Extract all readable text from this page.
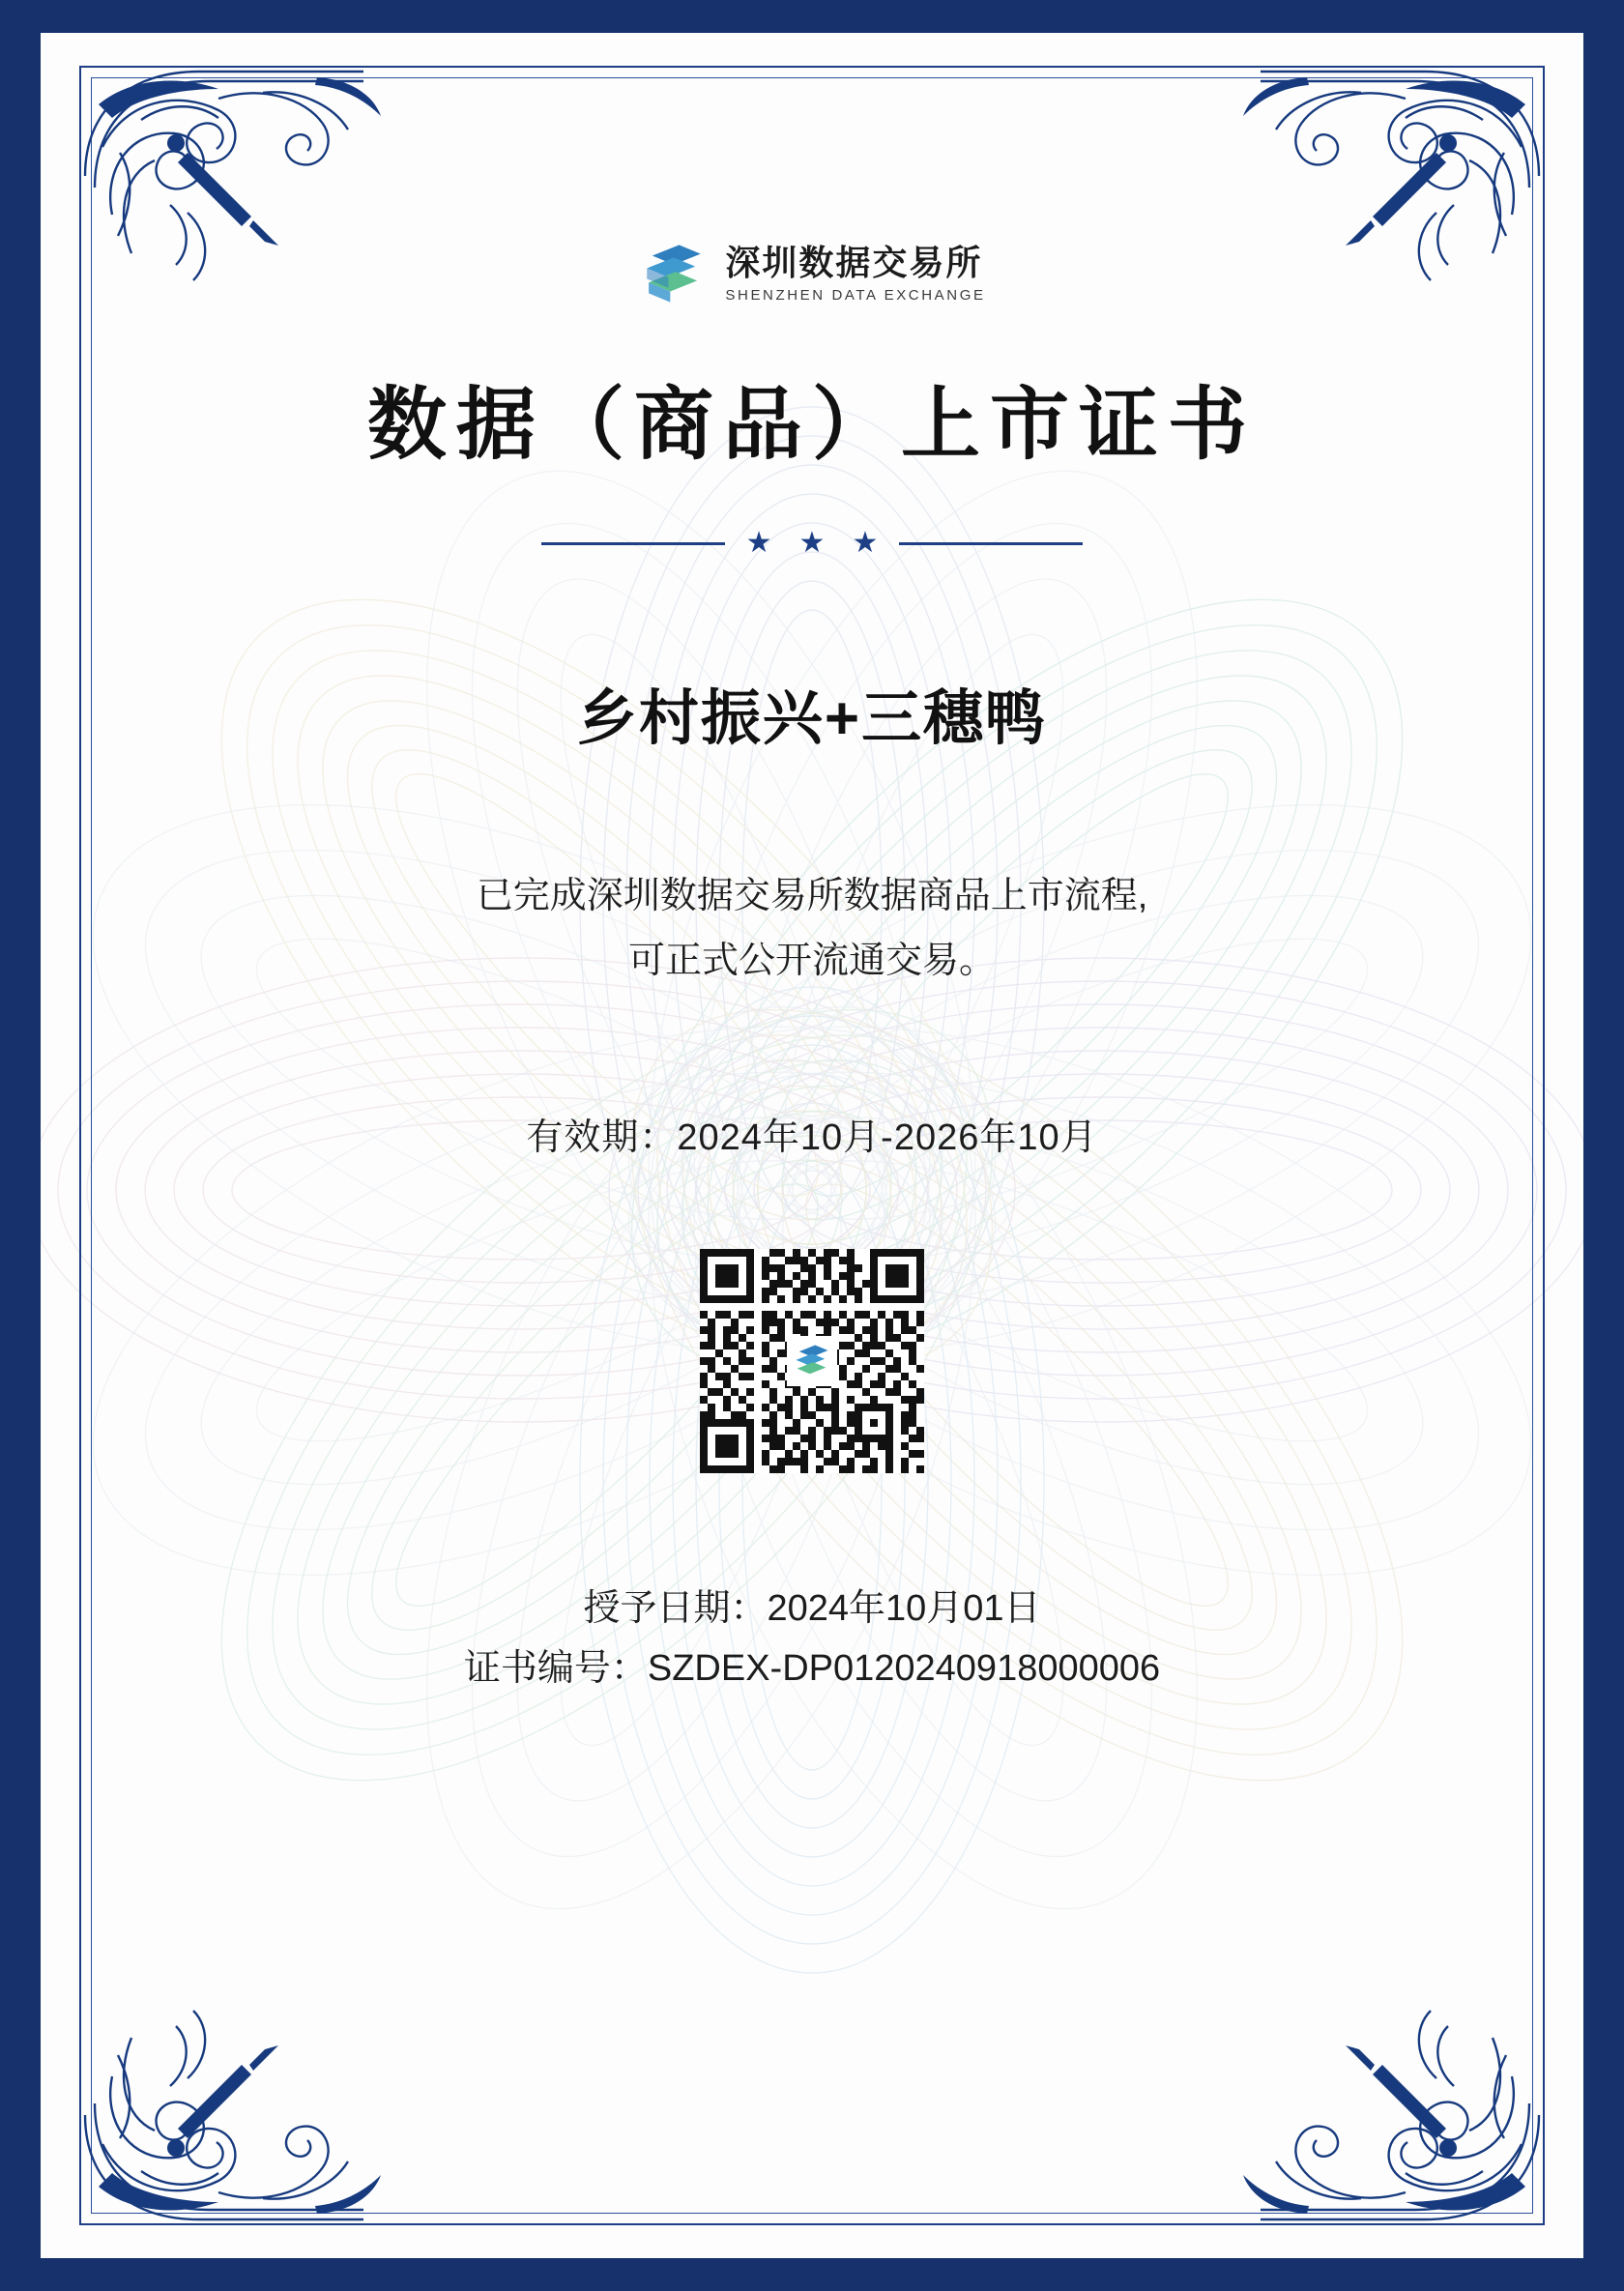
深圳数据交易所
SHENZHEN DATA EXCHANGE
数据（商品）上市证书
★ ★ ★
乡村振兴+三穗鸭
已完成深圳数据交易所数据商品上市流程,
可正式公开流通交易。
有效期：2024年10月-2026年10月
授予日期：2024年10月01日
证书编号：SZDEX-DP0120240918000006
